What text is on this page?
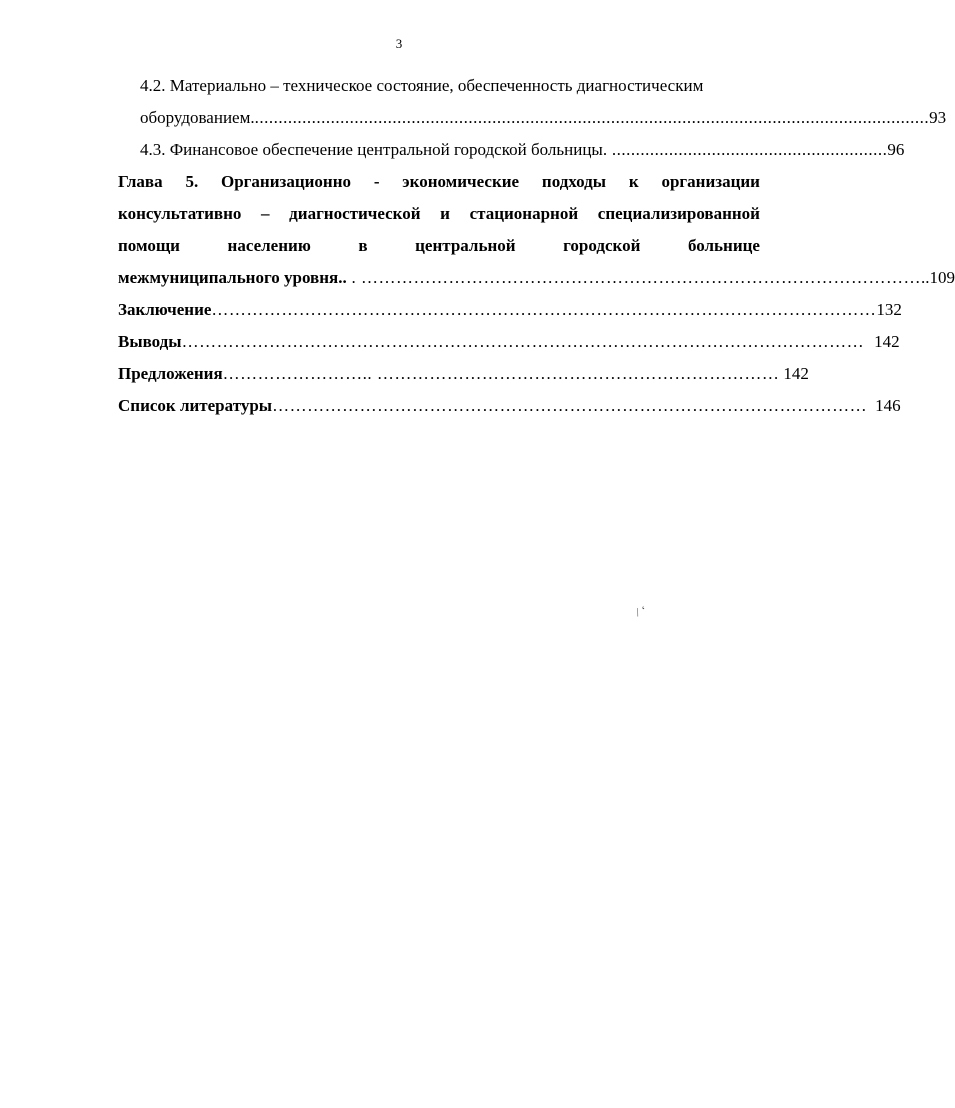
3
4.2. Материально – техническое состояние, обеспеченность диагностическим
оборудованием. .............................................................................................................................................. 93
4.3. Финансовое обеспечение центральной городской больницы. .......................................................... 96
Глава 5. Организационно - экономические подходы к организации
консультативно – диагностической и стационарной специализированной
помощи	населению	в	центральной	городской	больнице
межмуниципального уровня.. . …………………………………………………………………………………… ..109
Заключение …………………………………………………………………………………………………… 132
Выводы ……………………………………………………………………………………………………… 142
Предложения …………………….. …………………………………………………………… 142
Список литературы ………………………………………………………………………………………… 146
/ ʻ
